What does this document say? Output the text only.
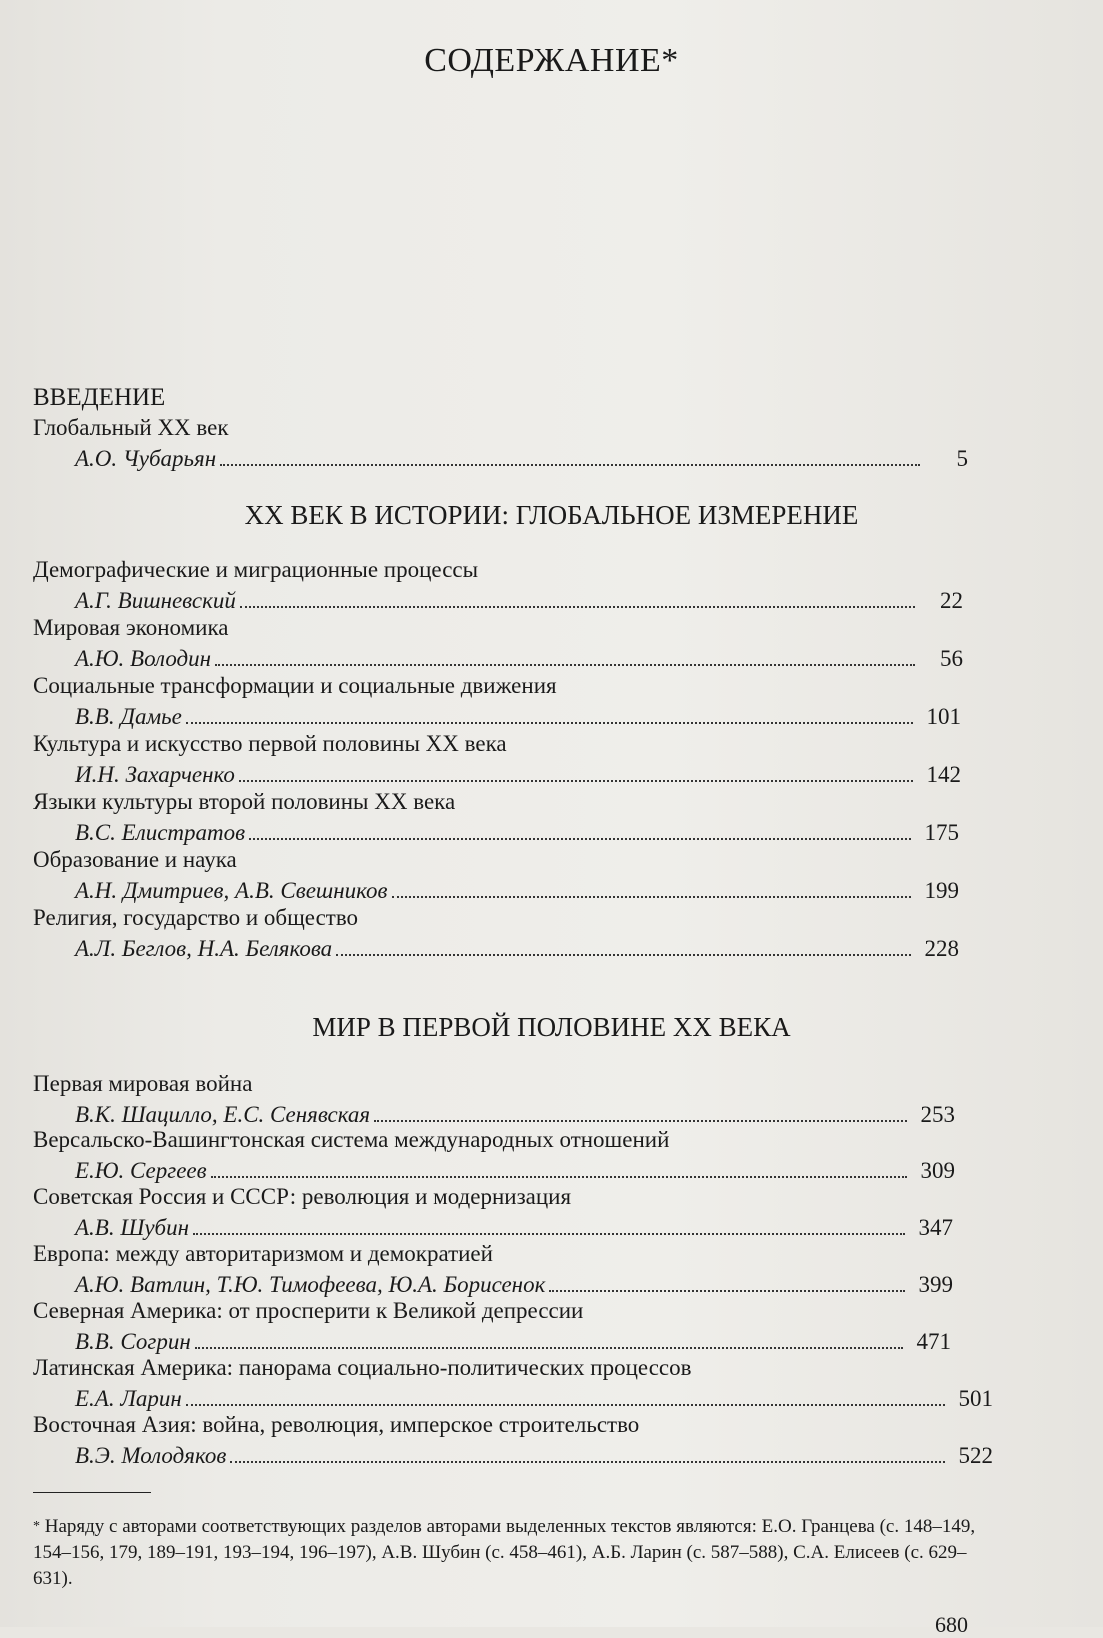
СОДЕРЖАНИЕ*
ВВЕДЕНИЕ
Глобальный XX век
А.О. Чубарьян	5
XX ВЕК В ИСТОРИИ: ГЛОБАЛЬНОЕ ИЗМЕРЕНИЕ
Демографические и миграционные процессы
А.Г. Вишневский	22
Мировая экономика
А.Ю. Володин	56
Социальные трансформации и социальные движения
В.В. Дамье	101
Культура и искусство первой половины XX века
И.Н. Захарченко	142
Языки культуры второй половины XX века
В.С. Елистратов	175
Образование и наука
А.Н. Дмитриев, А.В. Свешников	199
Религия, государство и общество
А.Л. Беглов, Н.А. Белякова	228
МИР В ПЕРВОЙ ПОЛОВИНЕ XX ВЕКА
Первая мировая война
В.К. Шацилло, Е.С. Сенявская	253
Версальско-Вашингтонская система международных отношений
Е.Ю. Сергеев	309
Советская Россия и СССР: революция и модернизация
А.В. Шубин	347
Европа: между авторитаризмом и демократией
А.Ю. Ватлин, Т.Ю. Тимофеева, Ю.А. Борисенок	399
Северная Америка: от просперити к Великой депрессии
В.В. Согрин	471
Латинская Америка: панорама социально-политических процессов
Е.А. Ларин	501
Восточная Азия: война, революция, имперское строительство
В.Э. Молодяков	522
* Наряду с авторами соответствующих разделов авторами выделенных текстов являются: Е.О. Гранцева (с. 148–149, 154–156, 179, 189–191, 193–194, 196–197), А.В. Шубин (с. 458–461), А.Б. Ларин (с. 587–588), С.А. Елисеев (с. 629–631).
680
